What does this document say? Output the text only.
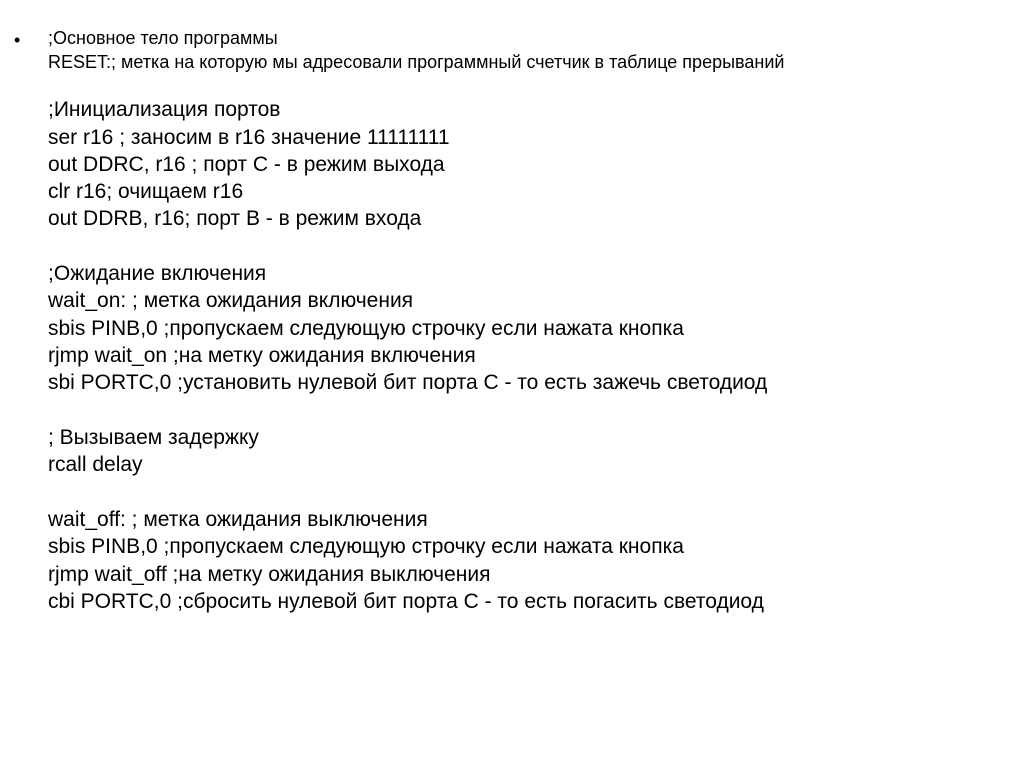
• ;Основное тело программы
RESET:; метка на которую мы адресовали программный счетчик в таблице прерываний
;Инициализация портов
ser r16 ; заносим в r16 значение 11111111
out DDRC, r16 ; порт C - в режим выхода
clr r16; очищаем r16
out DDRB, r16; порт B - в режим входа
;Ожидание включения
wait_on: ; метка ожидания включения
sbis PINB,0 ;пропускаем следующую строчку если нажата кнопка
rjmp wait_on ;на метку ожидания включения
sbi PORTC,0 ;установить нулевой бит порта C - то есть зажечь светодиод
; Вызываем задержку
rcall delay
wait_off: ; метка ожидания выключения
sbis PINB,0 ;пропускаем следующую строчку если нажата кнопка
rjmp wait_off ;на метку ожидания выключения
cbi PORTC,0 ;сбросить нулевой бит порта C - то есть погасить светодиод
